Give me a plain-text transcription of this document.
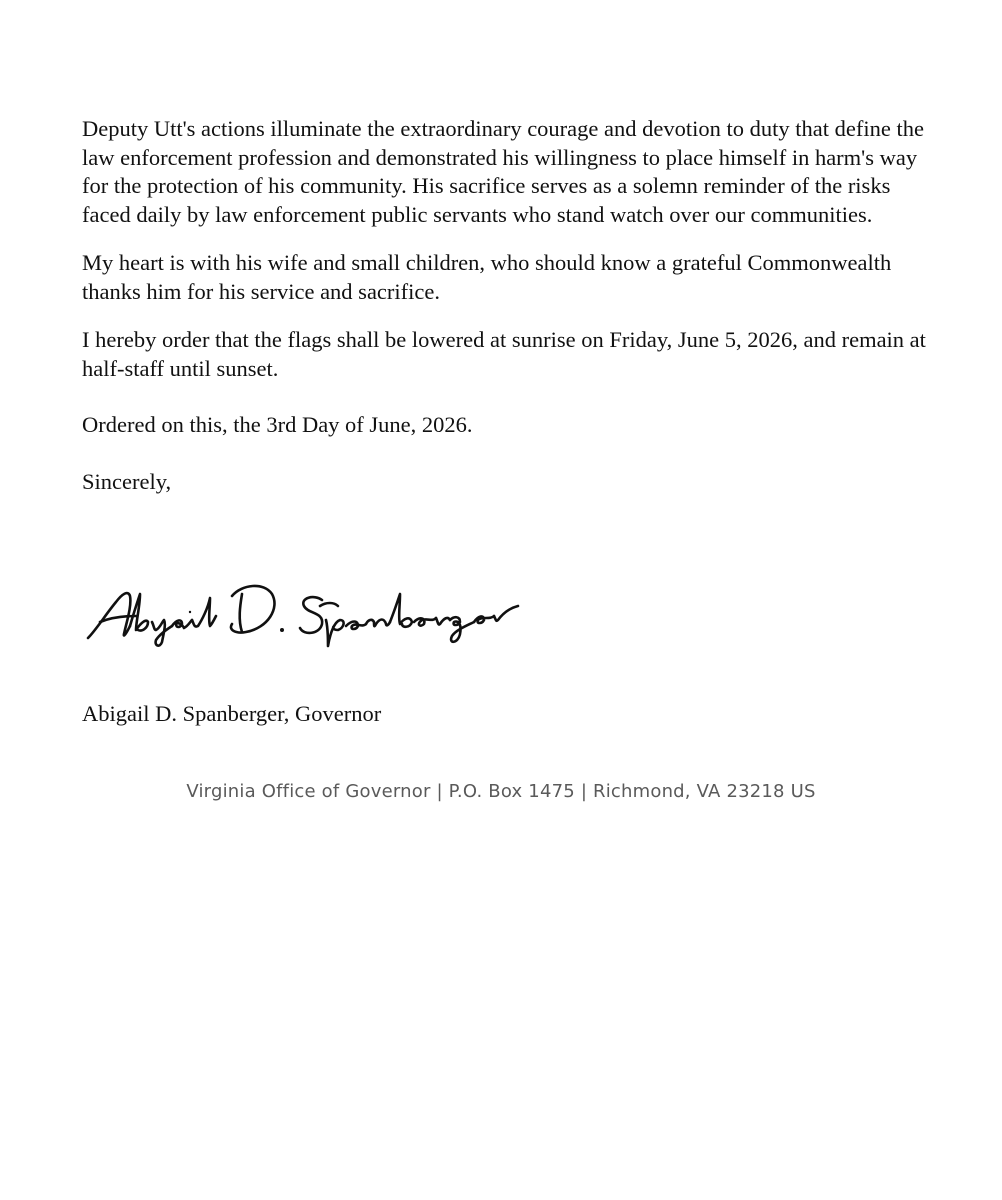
Deputy Utt's actions illuminate the extraordinary courage and devotion to duty that define the law enforcement profession and demonstrated his willingness to place himself in harm's way for the protection of his community. His sacrifice serves as a solemn reminder of the risks faced daily by law enforcement public servants who stand watch over our communities.

My heart is with his wife and small children, who should know a grateful Commonwealth thanks him for his service and sacrifice.

I hereby order that the flags shall be lowered at sunrise on Friday, June 5, 2026, and remain at half-staff until sunset.

Ordered on this, the 3rd Day of June, 2026.

Sincerely,

Abigail D. Spanberger, Governor
Virginia Office of Governor | P.O. Box 1475 | Richmond, VA 23218 US
